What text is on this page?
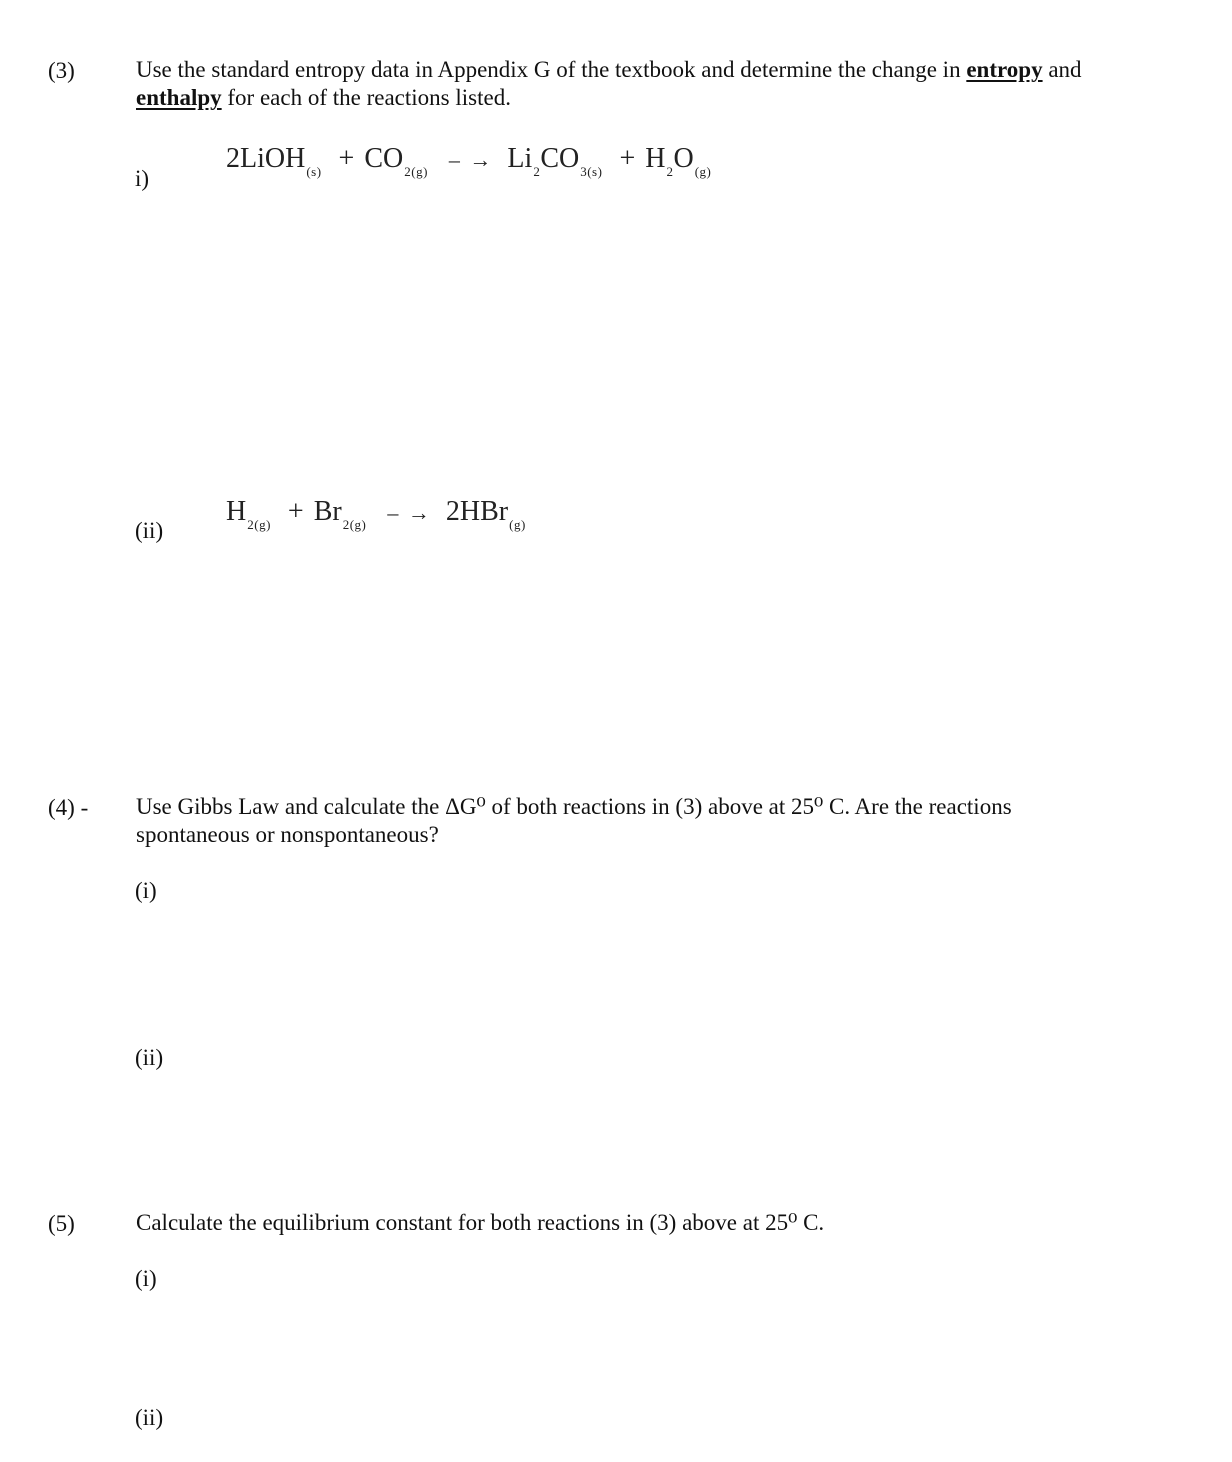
(3)	Use the standard entropy data in Appendix G of the textbook and determine the change in entropy and
enthalpy for each of the reactions listed.
i)
2LiOH$_{(s)}$ + $CO_{2(g)}$ – → $Li_2CO_{3(s)} + H_2O_{(g)}$
(ii)
$H_{2(g)} + Br_{2(g)}$ – → 2HBr$_{(g)}$
(4) - Use Gibbs Law and calculate the ΔG⁰ of both reactions in (3) above at 25⁰ C. Are the reactions
spontaneous or nonspontaneous?
(i)
(ii)
(5)	Calculate the equilibrium constant for both reactions in (3) above at 25⁰ C.
(i)
(ii)
